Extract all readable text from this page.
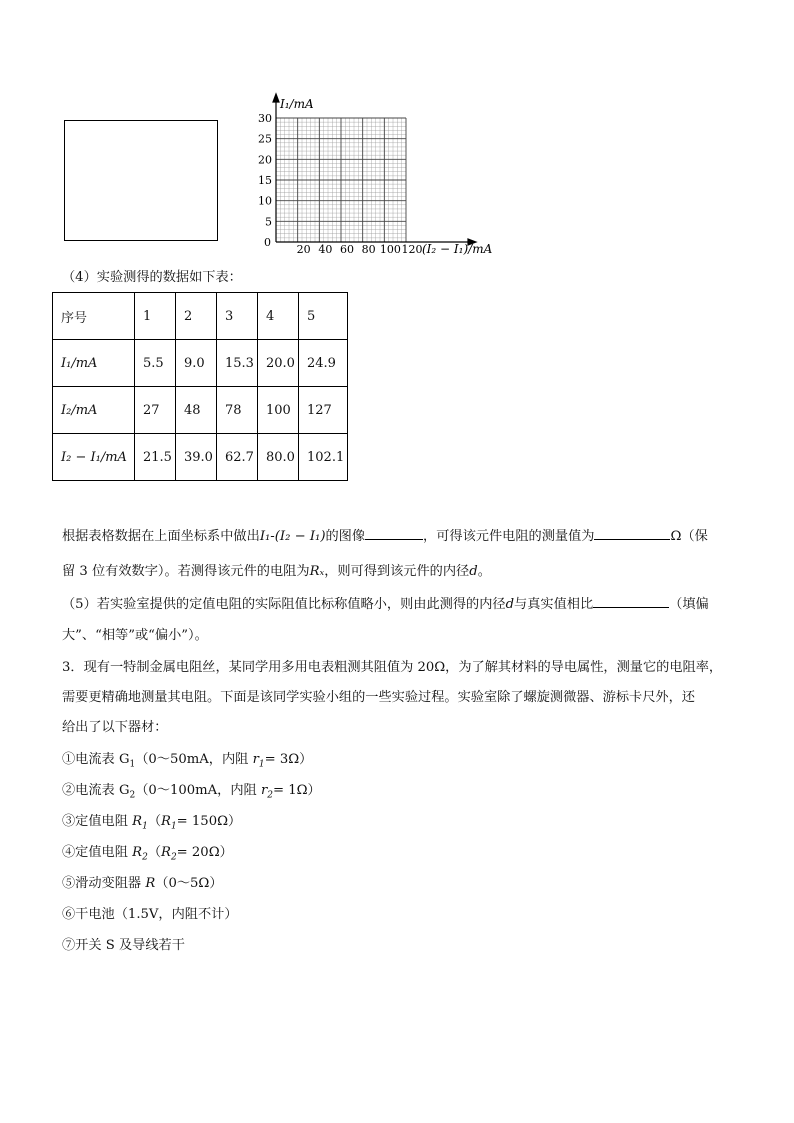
I₁/mA
0
5
10
15
20
25
30
20 40 60 80 100 120 (I₂ − I₁)/mA
（4）实验测得的数据如下表：
序号	1	2	3	4	5
I₁/mA	5.5	9.0	15.3	20.0	24.9
I₂/mA	27	48	78	100	127
I₂ − I₁/mA	21.5	39.0	62.7	80.0	102.1
根据表格数据在上面坐标系中做出I₁-(I₂ − I₁)的图像	，可得该元件电阻的测量值为	Ω（保
留 3 位有效数字）。若测得该元件的电阻为Rₓ，则可得到该元件的内径d。
（5）若实验室提供的定值电阻的实际阻值比标称值略小，则由此测得的内径d与真实值相比	（填偏
大”、“相等”或“偏小”）。
3．现有一特制金属电阻丝，某同学用多用电表粗测其阻值为 20Ω，为了解其材料的导电属性，测量它的电阻率，
需要更精确地测量其电阻。下面是该同学实验小组的一些实验过程。实验室除了螺旋测微器、游标卡尺外，还
给出了以下器材：
①电流表 $G_1(0\sim 50mA$，内阻 $r_1= 3\Omega$）
②电流表 $G_2(0\sim 100mA$，内阻 $r_2= 1\Omega$）
③定值电阻 $R_1(R_1= 150\Omega)$
④定值电阻 $R_2(R_2= 20\Omega)$
⑤滑动变阻器 R（0～5Ω）
⑥干电池（1.5V，内阻不计）
⑦开关 S 及导线若干
